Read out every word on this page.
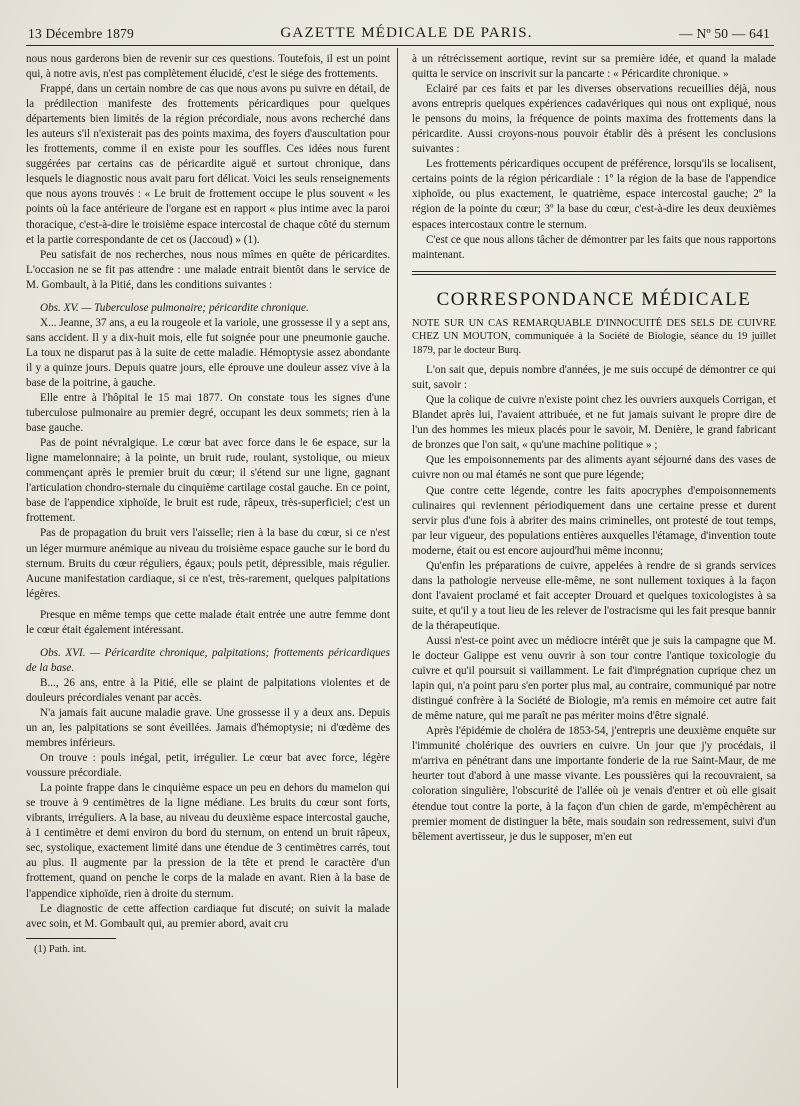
13 Décembre 1879	GAZETTE MÉDICALE DE PARIS.	— Nº 50 — 641

nous nous garderons bien de revenir sur ces questions. Toutefois, il est un point qui, à notre avis, n'est pas complètement élucidé, c'est le siége des frottements.

Frappé, dans un certain nombre de cas que nous avons pu suivre en détail, de la prédilection manifeste des frottements péricardiques pour quelques départements bien limités de la région précordiale, nous avons recherché dans les auteurs s'il n'existerait pas des points maxima, des foyers d'auscultation pour les frottements, comme il en existe pour les souffles. Ces idées nous furent suggérées par certains cas de péricardite aiguë et surtout chronique, dans lesquels le diagnostic nous avait paru fort délicat. Voici les seuls renseignements que nous ayons trouvés : « Le bruit de frottement occupe le plus souvent « les points où la face antérieure de l'organe est en rapport « plus intime avec la paroi thoracique, c'est-à-dire le troisième espace intercostal de chaque côté du sternum et la partie correspondante de cet os (Jaccoud) » (1).

Peu satisfait de nos recherches, nous nous mîmes en quête de péricardites. L'occasion ne se fit pas attendre : une malade entrait bientôt dans le service de M. Gombault, à la Pitié, dans les conditions suivantes :

Obs. XV. — Tuberculose pulmonaire; péricardite chronique.

X... Jeanne, 37 ans, a eu la rougeole et la variole, une grossesse il y a sept ans, sans accident. Il y a dix-huit mois, elle fut soignée pour une pneumonie gauche. La toux ne disparut pas à la suite de cette maladie. Hémoptysie assez abondante il y a quinze jours. Depuis quatre jours, elle éprouve une douleur assez vive à la base de la poitrine, à gauche.

Elle entre à l'hôpital le 15 mai 1877. On constate tous les signes d'une tuberculose pulmonaire au premier degré, occupant les deux sommets; rien à la base gauche.

Pas de point névralgique. Le cœur bat avec force dans le 6e espace, sur la ligne mamelonnaire; à la pointe, un bruit rude, roulant, systolique, ou mieux commençant après le premier bruit du cœur; il s'étend sur une ligne, gagnant l'articulation chondro-sternale du cinquième cartilage costal gauche. En ce point, base de l'appendice xiphoïde, le bruit est rude, râpeux, très-superficiel; c'est un frottement.

Pas de propagation du bruit vers l'aisselle; rien à la base du cœur, si ce n'est un léger murmure anémique au niveau du troisième espace gauche sur le bord du sternum. Bruits du cœur réguliers, égaux; pouls petit, dépressible, mais régulier. Aucune manifestation cardiaque, si ce n'est, très-rarement, quelques palpitations légères.

Presque en même temps que cette malade était entrée une autre femme dont le cœur était également intéressant.

Obs. XVI. — Péricardite chronique, palpitations; frottements péricardiques de la base.

B..., 26 ans, entre à la Pitié, elle se plaint de palpitations violentes et de douleurs précordiales venant par accès.

N'a jamais fait aucune maladie grave. Une grossesse il y a deux ans. Depuis un an, les palpitations se sont éveillées. Jamais d'hémoptysie; ni d'œdème des membres inférieurs.

On trouve : pouls inégal, petit, irrégulier. Le cœur bat avec force, légère voussure précordiale.

La pointe frappe dans le cinquième espace un peu en dehors du mamelon qui se trouve à 9 centimètres de la ligne médiane. Les bruits du cœur sont forts, vibrants, irréguliers. A la base, au niveau du deuxième espace intercostal gauche, à 1 centimètre et demi environ du bord du sternum, on entend un bruit râpeux, sec, systolique, exactement limité dans une étendue de 3 centimètres carrés, tout au plus. Il augmente par la pression de la tête et prend le caractère d'un frottement, quand on penche le corps de la malade en avant. Rien à la base de l'appendice xiphoïde, rien à droite du sternum.

Le diagnostic de cette affection cardiaque fut discuté; on suivit la malade avec soin, et M. Gombault qui, au premier abord, avait cru

(1) Path. int.

à un rétrécissement aortique, revint sur sa première idée, et quand la malade quitta le service on inscrivit sur la pancarte : « Péricardite chronique. »

Eclairé par ces faits et par les diverses observations recueillies déjà, nous avons entrepris quelques expériences cadavériques qui nous ont expliqué, nous le pensons du moins, la fréquence de points maxima des frottements dans la péricardite. Aussi croyons-nous pouvoir établir dès à présent les conclusions suivantes :

Les frottements péricardiques occupent de préférence, lorsqu'ils se localisent, certains points de la région péricardiale : 1º la région de la base de l'appendice xiphoïde, ou plus exactement, le quatrième, espace intercostal gauche; 2º la région de la pointe du cœur; 3º la base du cœur, c'est-à-dire les deux deuxièmes espaces intercostaux contre le sternum.

C'est ce que nous allons tâcher de démontrer par les faits que nous rapportons maintenant.

CORRESPONDANCE MÉDICALE

NOTE SUR UN CAS REMARQUABLE D'INNOCUITÉ DES SELS DE CUIVRE CHEZ UN MOUTON, communiquée à la Société de Biologie, séance du 19 juillet 1879, par le docteur Burq.

L'on sait que, depuis nombre d'années, je me suis occupé de démontrer ce qui suit, savoir :

Que la colique de cuivre n'existe point chez les ouvriers auxquels Corrigan, et Blandet après lui, l'avaient attribuée, et ne fut jamais suivant le propre dire de l'un des hommes les mieux placés pour le savoir, M. Denière, le grand fabricant de bronzes que l'on sait, « qu'une machine politique » ;

Que les empoisonnements par des aliments ayant séjourné dans des vases de cuivre non ou mal étamés ne sont que pure légende;

Que contre cette légende, contre les faits apocryphes d'empoisonnements culinaires qui reviennent périodiquement dans une certaine presse et durent servir plus d'une fois à abriter des mains criminelles, ont protesté de tout temps, par leur vigueur, des populations entières auxquelles l'étamage, d'invention toute moderne, était ou est encore aujourd'hui même inconnu;

Qu'enfin les préparations de cuivre, appelées à rendre de si grands services dans la pathologie nerveuse elle-même, ne sont nullement toxiques à la façon dont l'avaient proclamé et fait accepter Drouard et quelques toxicologistes à sa suite, et qu'il y a tout lieu de les relever de l'ostracisme qui les fait presque bannir de la thérapeutique.

Aussi n'est-ce point avec un médiocre intérêt que je suis la campagne que M. le docteur Galippe est venu ouvrir à son tour contre l'antique toxicologie du cuivre et qu'il poursuit si vaillamment. Le fait d'imprégnation cuprique chez un lapin qui, n'a point paru s'en porter plus mal, au contraire, communiqué par notre distingué confrère à la Société de Biologie, m'a remis en mémoire cet autre fait de même nature, qui me paraît ne pas mériter moins d'être signalé.

Après l'épidémie de choléra de 1853-54, j'entrepris une deuxième enquête sur l'immunité cholérique des ouvriers en cuivre. Un jour que j'y procédais, il m'arriva en pénétrant dans une importante fonderie de la rue Saint-Maur, de me heurter tout d'abord à une masse vivante. Les poussières qui la recouvraient, sa coloration singulière, l'obscurité de l'allée où je venais d'entrer et où elle gisait étendue tout contre la porte, à la façon d'un chien de garde, m'empêchèrent au premier moment de distinguer la bête, mais soudain son redressement, suivi d'un bêlement avertisseur, je dus le supposer, m'en eut
